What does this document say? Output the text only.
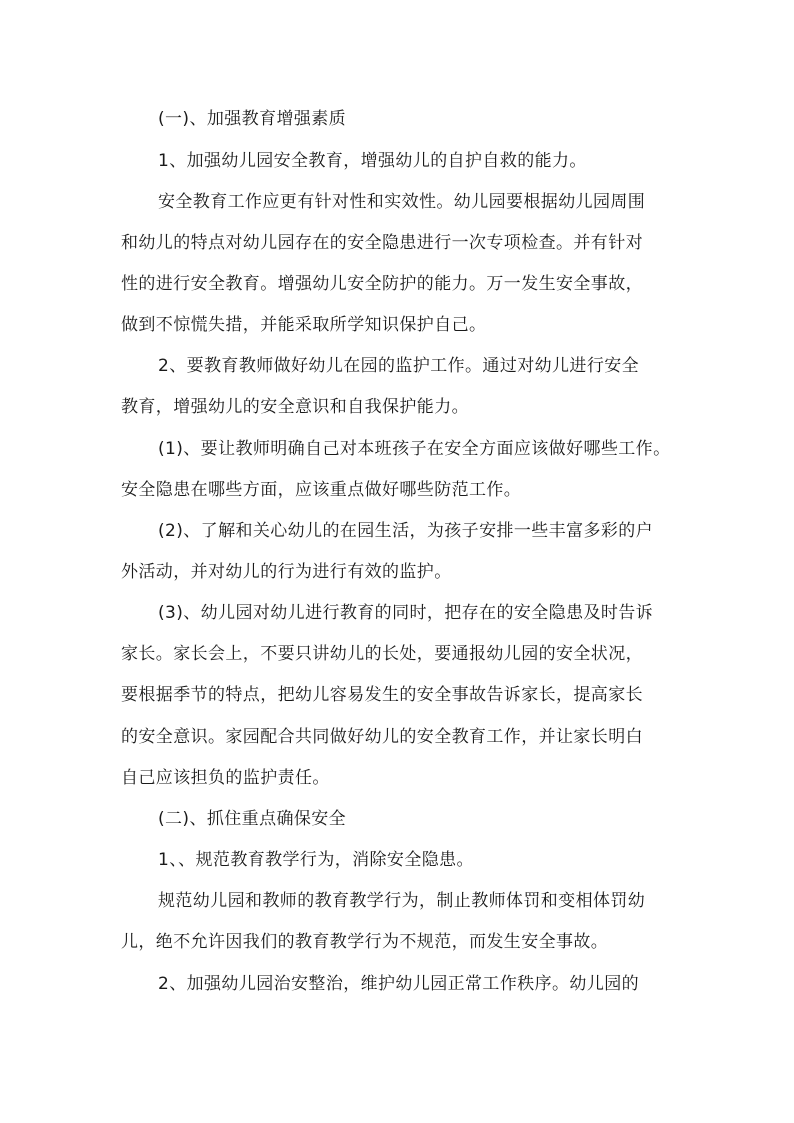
(一)、加强教育增强素质
1、加强幼儿园安全教育，增强幼儿的自护自救的能力。
安全教育工作应更有针对性和实效性。幼儿园要根据幼儿园周围
和幼儿的特点对幼儿园存在的安全隐患进行一次专项检查。并有针对
性的进行安全教育。增强幼儿安全防护的能力。万一发生安全事故，
做到不惊慌失措，并能采取所学知识保护自己。
2、要教育教师做好幼儿在园的监护工作。通过对幼儿进行安全
教育，增强幼儿的安全意识和自我保护能力。
(1)、要让教师明确自己对本班孩子在安全方面应该做好哪些工作。
安全隐患在哪些方面，应该重点做好哪些防范工作。
(2)、了解和关心幼儿的在园生活，为孩子安排一些丰富多彩的户
外活动，并对幼儿的行为进行有效的监护。
(3)、幼儿园对幼儿进行教育的同时，把存在的安全隐患及时告诉
家长。家长会上，不要只讲幼儿的长处，要通报幼儿园的安全状况，
要根据季节的特点，把幼儿容易发生的安全事故告诉家长，提高家长
的安全意识。家园配合共同做好幼儿的安全教育工作，并让家长明白
自己应该担负的监护责任。
(二)、抓住重点确保安全
1、、规范教育教学行为，消除安全隐患。
规范幼儿园和教师的教育教学行为，制止教师体罚和变相体罚幼
儿，绝不允许因我们的教育教学行为不规范，而发生安全事故。
2、加强幼儿园治安整治，维护幼儿园正常工作秩序。幼儿园的
